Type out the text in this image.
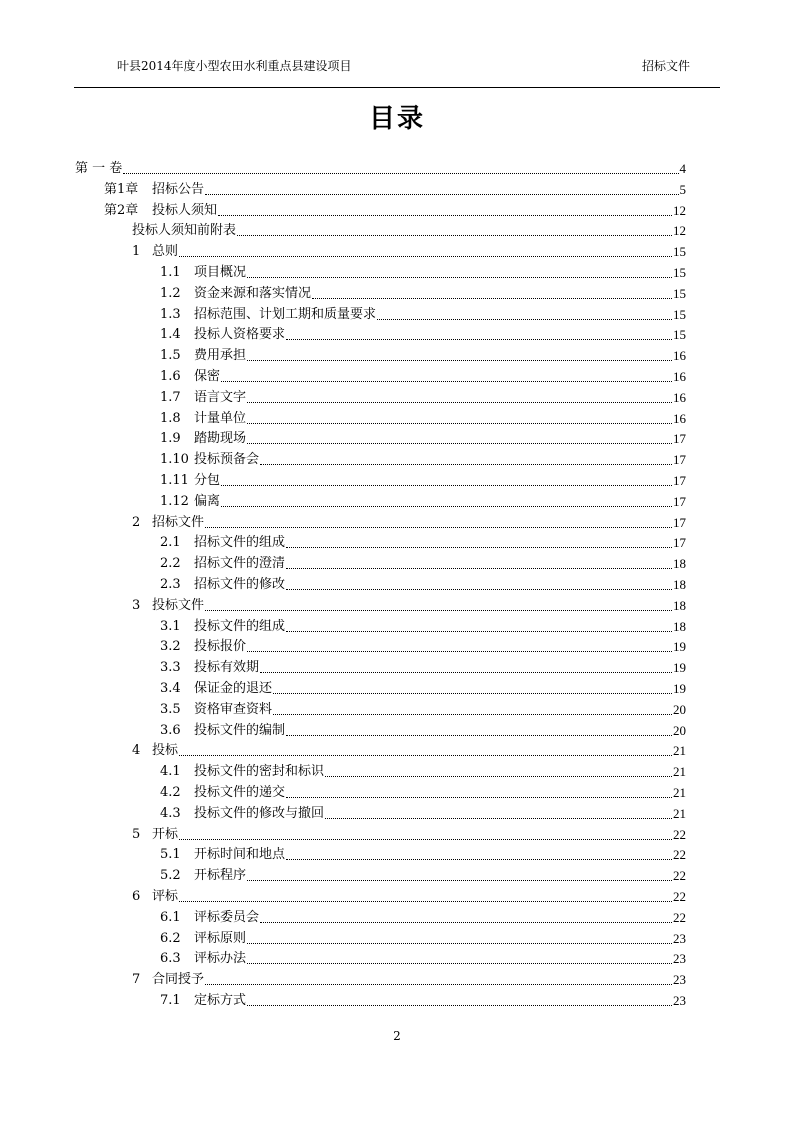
叶县2014年度小型农田水利重点县建设项目	招标文件
目录
第 一 卷	4
第1章	招标公告	5
第2章	投标人须知	12
投标人须知前附表	12
1 总则	15
1.1	项目概况	15
1.2	资金来源和落实情况	15
1.3	招标范围、计划工期和质量要求	15
1.4	投标人资格要求	15
1.5	费用承担	16
1.6	保密	16
1.7	语言文字	16
1.8	计量单位	16
1.9	踏勘现场	17
1.10 投标预备会	17
1.11 分包	17
1.12 偏离	17
2 招标文件	17
2.1	招标文件的组成	17
2.2	招标文件的澄清	18
2.3	招标文件的修改	18
3 投标文件	18
3.1	投标文件的组成	18
3.2	投标报价	19
3.3	投标有效期	19
3.4	保证金的退还	19
3.5	资格审查资料	20
3.6	投标文件的编制	20
4 投标	21
4.1	投标文件的密封和标识	21
4.2	投标文件的递交	21
4.3	投标文件的修改与撤回	21
5 开标	22
5.1	开标时间和地点	22
5.2	开标程序	22
6 评标	22
6.1	评标委员会	22
6.2	评标原则	23
6.3	评标办法	23
7 合同授予	23
7.1	定标方式	23
2
